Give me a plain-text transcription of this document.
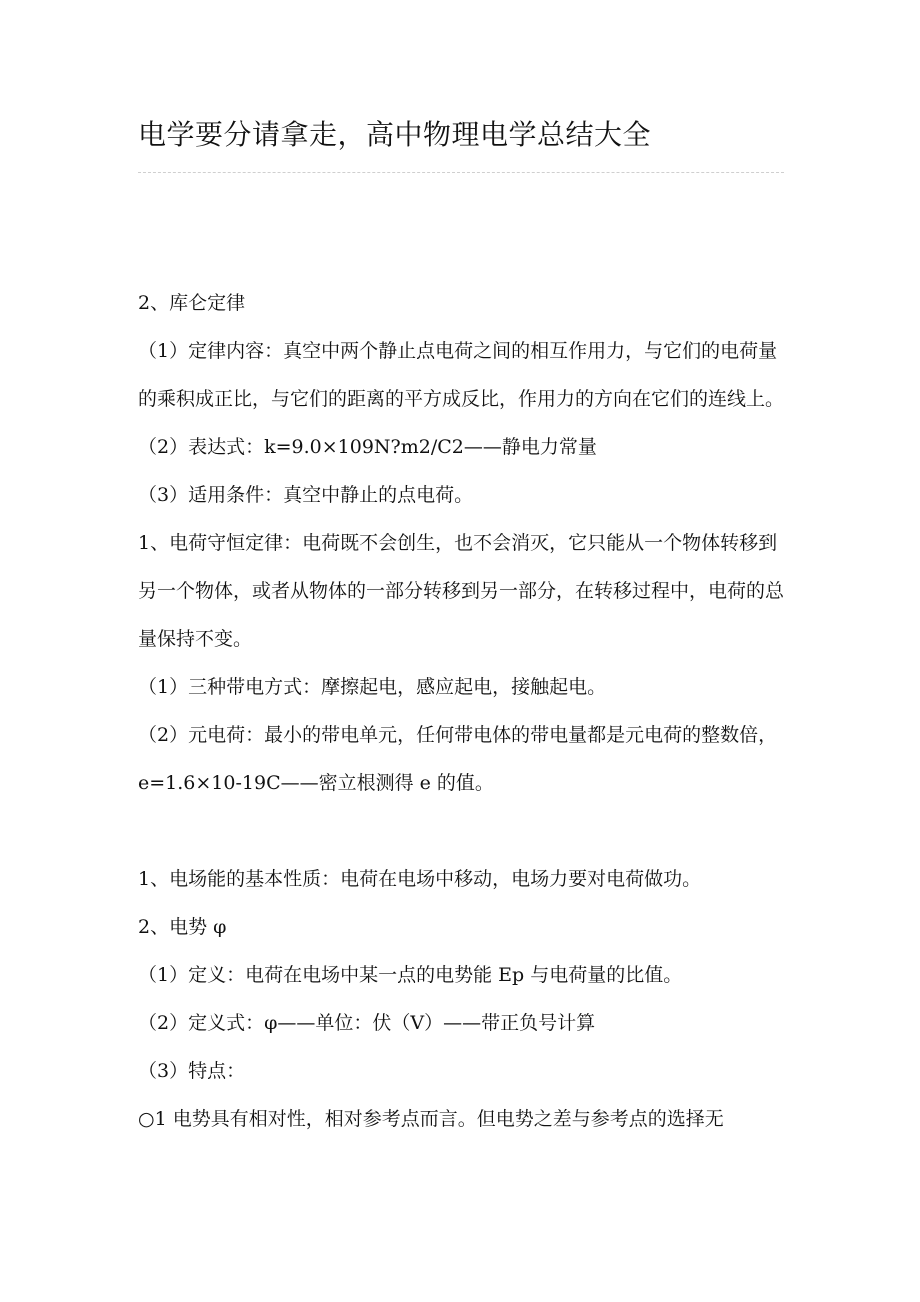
电学要分请拿走，高中物理电学总结大全

2、库仑定律

（1）定律内容：真空中两个静止点电荷之间的相互作用力，与它们的电荷量的乘积成正比，与它们的距离的平方成反比，作用力的方向在它们的连线上。

（2）表达式：k=9.0×109N?m2/C2——静电力常量

（3）适用条件：真空中静止的点电荷。

1、电荷守恒定律：电荷既不会创生，也不会消灭，它只能从一个物体转移到另一个物体，或者从物体的一部分转移到另一部分，在转移过程中，电荷的总量保持不变。

（1）三种带电方式：摩擦起电，感应起电，接触起电。

（2）元电荷：最小的带电单元，任何带电体的带电量都是元电荷的整数倍，e=1.6×10-19C——密立根测得 e 的值。

1、电场能的基本性质：电荷在电场中移动，电场力要对电荷做功。

2、电势 φ

（1）定义：电荷在电场中某一点的电势能 Ep 与电荷量的比值。

（2）定义式：φ——单位：伏（V）——带正负号计算

（3）特点：

○1 电势具有相对性，相对参考点而言。但电势之差与参考点的选择无
